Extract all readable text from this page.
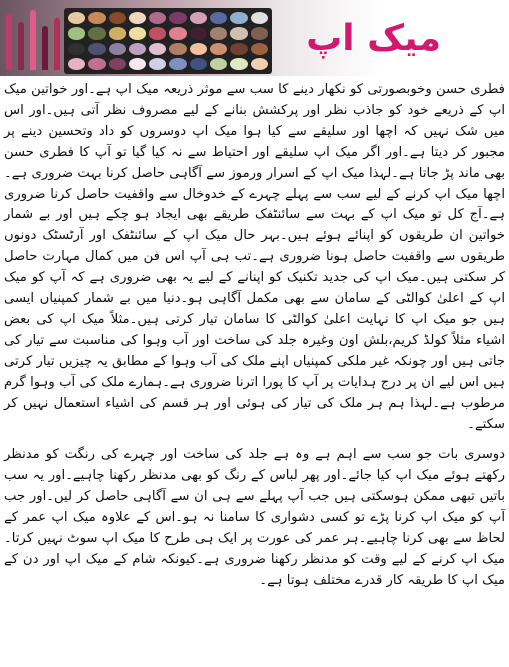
میک اپ

فطری حسن وخوبصورتی کو نکھار دینے کا سب سے موثر ذریعہ میک اپ ہے۔اور خواتین میک اپ کے ذریعے خود کو جاذب نظر اور پرکشش بنانے کے لیے مصروف نظر آتی ہیں۔اور اس میں شک نہیں کہ اچھا اور سلیقے سے کیا ہوا میک اپ دوسروں کو داد وتحسین دینے پر مجبور کر دیتا ہے۔اور اگر میک اپ سلیقے اور احتیاط سے نہ کیا گیا تو آپ کا فطری حسن بھی ماند پڑ جاتا ہے۔لہذا میک اپ کے اسرار ورموز سے آگاہی حاصل کرنا بہت ضروری ہے۔اچھا میک اپ کرنے کے لیے سب سے پہلے چہرے کے خدوخال سے واقفیت حاصل کرنا ضروری ہے۔آج کل تو میک اپ کے بہت سے سائنٹفک طریقے بھی ایجاد ہو چکے ہیں اور بے شمار خواتین ان طریقوں کو اپنائے ہوئے ہیں۔بہر حال میک اپ کے سائنٹفک اور آرٹسٹک دونوں طریقوں سے واقفیت حاصل ہونا ضروری ہے۔تب ہی آپ اس فن میں کمال مہارت حاصل کر سکتی ہیں۔میک اپ کی جدید تکنیک کو اپنانے کے لیے یہ بھی ضروری ہے کہ آپ کو میک اپ کے اعلیٰ کوالٹی کے سامان سے بھی مکمل آگاہی ہو۔دنیا میں بے شمار کمپنیاں ایسی ہیں جو میک اپ کا نہایت اعلیٰ کوالٹی کا سامان تیار کرتی ہیں۔مثلاً میک اپ کی بعض اشیاء مثلاً کولڈ کریم،بلش اون وغیرہ جلد کی ساخت اور آب وہوا کی مناسبت سے تیار کی جاتی ہیں اور چونکہ غیر ملکی کمپنیاں اپنے ملک کی آب وہوا کے مطابق یہ چیزیں تیار کرتی ہیں اس لیے ان پر درج ہدایات پر آپ کا پورا اترنا ضروری ہے۔ہمارے ملک کی آب وہوا گرم مرطوب ہے۔لہذا ہم ہر ملک کی تیار کی ہوئی اور ہر قسم کی اشیاء استعمال نہیں کر سکتے۔

دوسری بات جو سب سے اہم ہے وہ ہے جلد کی ساخت اور چہرے کی رنگت کو مدنظر رکھتے ہوئے میک اپ کیا جائے۔اور پھر لباس کے رنگ کو بھی مدنظر رکھنا چاہیے۔اور یہ سب باتیں تبھی ممکن ہوسکتی ہیں جب آپ پہلے سے ہی ان سے آگاہی حاصل کر لیں۔اور جب آپ کو میک اپ کرنا پڑے تو کسی دشواری کا سامنا نہ ہو۔اس کے علاوہ میک اپ عمر کے لحاظ سے بھی کرنا چاہیے۔ہر عمر کی عورت پر ایک ہی طرح کا میک اپ سوٹ نہیں کرتا۔میک اپ کرنے کے لیے وقت کو مدنظر رکھنا ضروری ہے۔کیونکہ شام کے میک اپ اور دن کے میک اپ کا طریقہ کار قدرے مختلف ہوتا ہے۔
